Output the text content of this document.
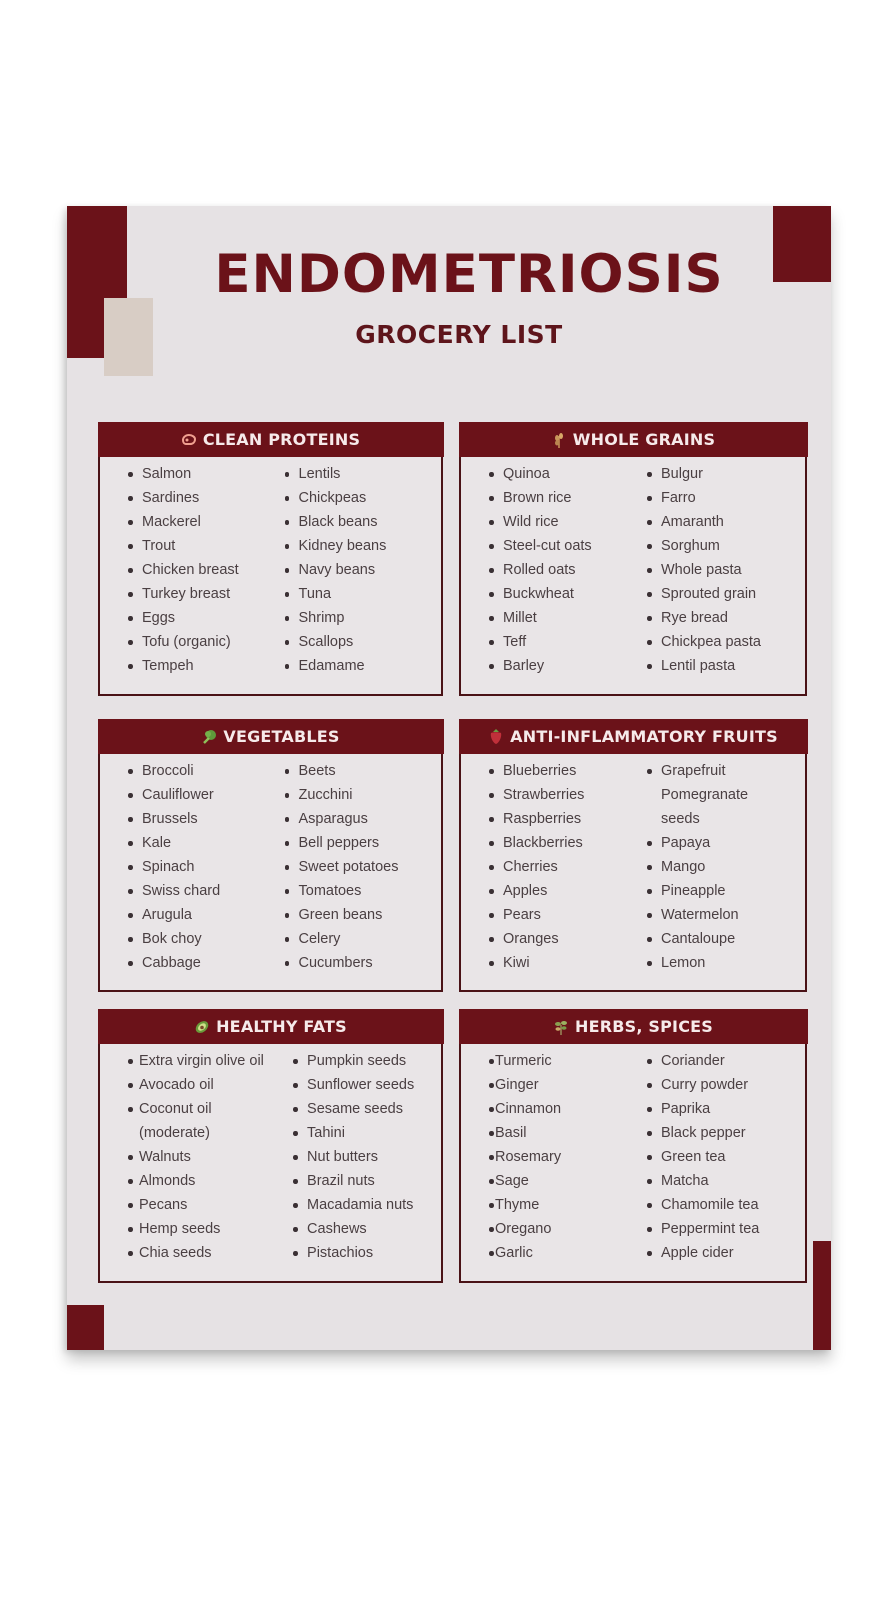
ENDOMETRIOSIS
GROCERY LIST
CLEAN PROTEINS
Salmon
Sardines
Mackerel
Trout
Chicken breast
Turkey breast
Eggs
Tofu (organic)
Tempeh
Lentils
Chickpeas
Black beans
Kidney beans
Navy beans
Tuna
Shrimp
Scallops
Edamame
WHOLE GRAINS
Quinoa
Brown rice
Wild rice
Steel-cut oats
Rolled oats
Buckwheat
Millet
Teff
Barley
Bulgur
Farro
Amaranth
Sorghum
Whole pasta
Sprouted grain
Rye bread
Chickpea pasta
Lentil pasta
VEGETABLES
Broccoli
Cauliflower
Brussels
Kale
Spinach
Swiss chard
Arugula
Bok choy
Cabbage
Beets
Zucchini
Asparagus
Bell peppers
Sweet potatoes
Tomatoes
Green beans
Celery
Cucumbers
ANTI-INFLAMMATORY FRUITS
Blueberries
Strawberries
Raspberries
Blackberries
Cherries
Apples
Pears
Oranges
Kiwi
Grapefruit
Pomegranate
seeds
Papaya
Mango
Pineapple
Watermelon
Cantaloupe
Lemon
HEALTHY FATS
Extra virgin olive oil
Avocado oil
Coconut oil
(moderate)
Walnuts
Almonds
Pecans
Hemp seeds
Chia seeds
Pumpkin seeds
Sunflower seeds
Sesame seeds
Tahini
Nut butters
Brazil nuts
Macadamia nuts
Cashews
Pistachios
HERBS, SPICES
Turmeric
Ginger
Cinnamon
Basil
Rosemary
Sage
Thyme
Oregano
Garlic
Coriander
Curry powder
Paprika
Black pepper
Green tea
Matcha
Chamomile tea
Peppermint tea
Apple cider
